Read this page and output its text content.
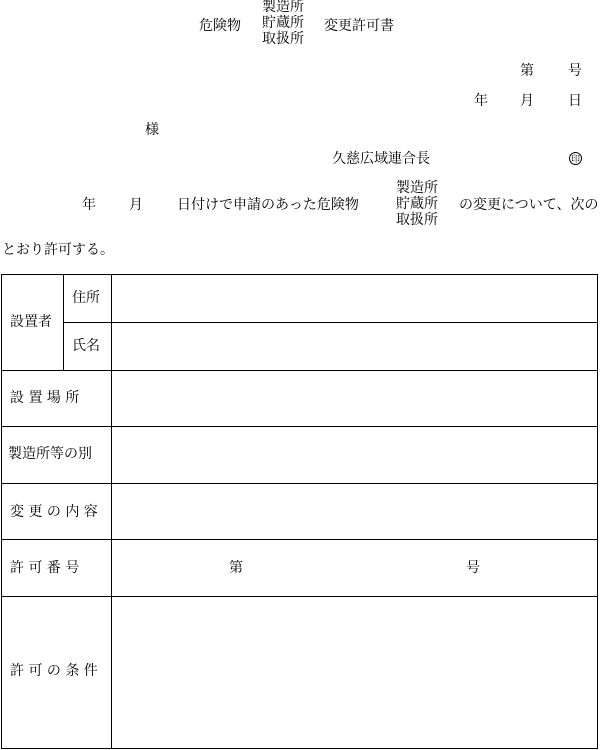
危険物
製造所
貯蔵所
取扱所
変更許可書
第 号
年 月 日
様
久慈広域連合長	印
年 月 日付けで申請のあった危険物
製造所
貯蔵所
取扱所
の変更について、次の
とおり許可する。
設置者
住所
氏名
設 置 場 所
製造所等の別
変 更 の 内 容
許 可 番 号	第	号
許 可 の 条 件
